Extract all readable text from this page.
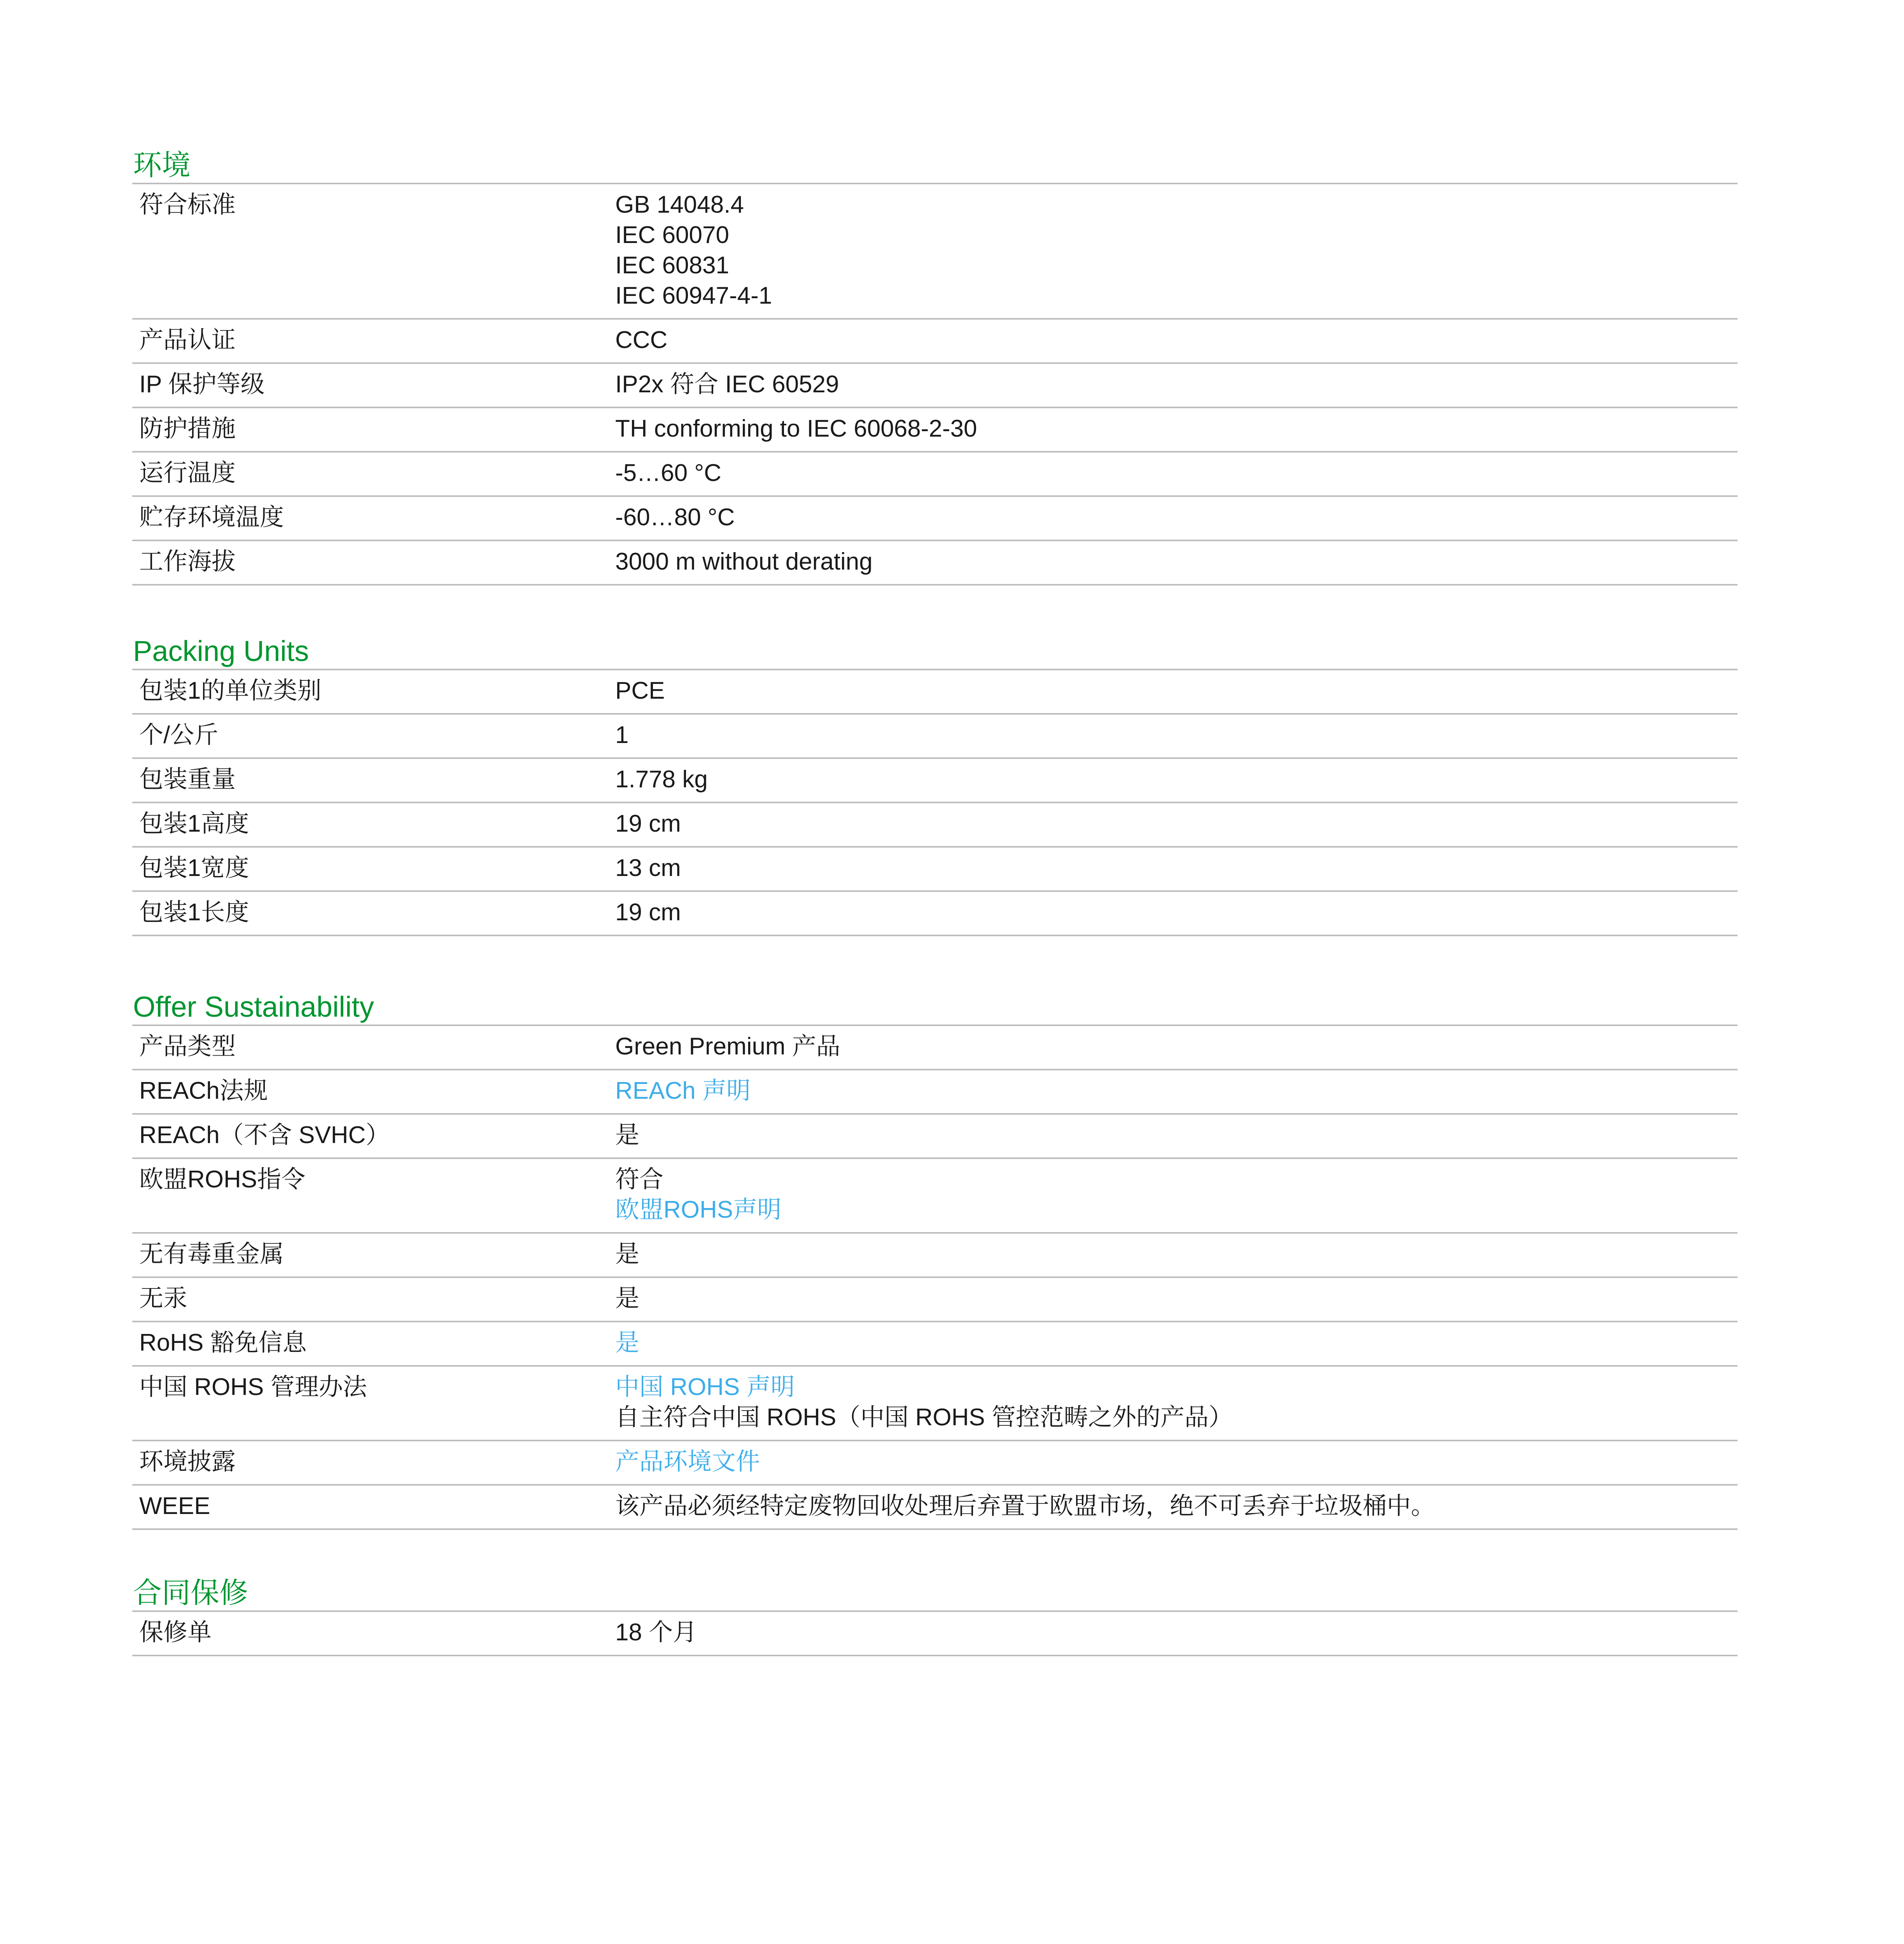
环境
符合标准	GB 14048.4
IEC 60070
IEC 60831
IEC 60947-4-1
产品认证	CCC
IP 保护等级	IP2x 符合 IEC 60529
防护措施	TH conforming to IEC 60068-2-30
运行温度	-5…60 °C
贮存环境温度	-60…80 °C
工作海拔	3000 m without derating
Packing Units
包装1的单位类别	PCE
个/公斤	1
包装重量	1.778 kg
包装1高度	19 cm
包装1宽度	13 cm
包装1长度	19 cm
Offer Sustainability
产品类型	Green Premium 产品
REACh法规	REACh 声明
REACh（不含 SVHC）	是
欧盟ROHS指令	符合
欧盟ROHS声明
无有毒重金属	是
无汞	是
RoHS 豁免信息	是
中国 ROHS 管理办法	中国 ROHS 声明
自主符合中国 ROHS（中国 ROHS 管控范畴之外的产品）
环境披露	产品环境文件
WEEE	该产品必须经特定废物回收处理后弃置于欧盟市场，绝不可丢弃于垃圾桶中。
合同保修
保修单	18 个月
